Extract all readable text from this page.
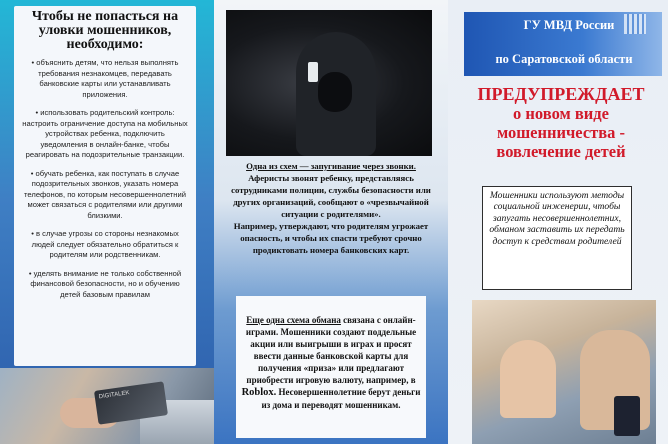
Чтобы не попасться на уловки мошенников, необходимо:
• объяснить детям, что нельзя выполнять требования незнакомцев, передавать банковские карты или устанавливать приложения.
• использовать родительский контроль: настроить ограничение доступа на мобильных устройствах ребенка, подключить уведомления в онлайн-банке, чтобы реагировать на подозрительные транзакции.
• обучать ребенка, как поступать в случае подозрительных звонков, указать номера телефонов, по которым несовершеннолетний может связаться с родителями или другими близкими.
• в случае угрозы со стороны незнакомых людей следует обязательно обратиться к родителям или родственникам.
• уделять внимание не только собственной финансовой безопасности, но и обучению детей базовым правилам
DIGITALEK
Одна из схем — запугивание через звонки. Аферисты звонят ребенку, представляясь сотрудниками полиции, службы безопасности или других организаций, сообщают о «чрезвычайной ситуации с родителями».
Например, утверждают, что родителям угрожает опасность, и чтобы их спасти требуют срочно продиктовать номера банковских карт.
Еще одна схема обмана связана с онлайн-играми. Мошенники создают поддельные акции или выигрыши в играх и просят ввести данные банковской карты для получения «приза» или предлагают приобрести игровую валюту, например, в Roblox. Несовершеннолетние берут деньги из дома и переводят мошенникам.
ГУ МВД России
по Саратовской области
ПРЕДУПРЕЖДАЕТ
о новом виде
мошенничества -
вовлечение детей
Мошенники используют методы социальной инженерии, чтобы запугать несовершеннолетних, обманом заставить их передать доступ к средствам родителей
